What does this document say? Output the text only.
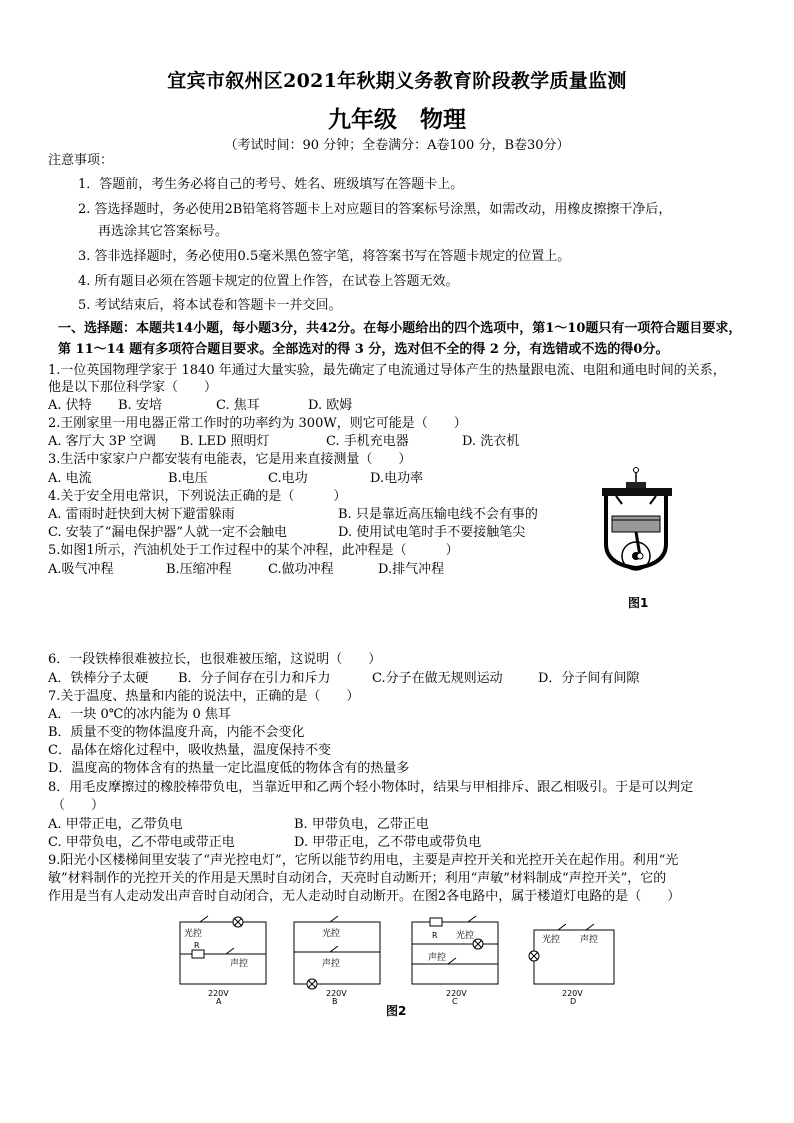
宜宾市叙州区2021年秋期义务教育阶段教学质量监测
九年级　物理
（考试时间：90 分钟；全卷满分：A卷100 分，B卷30分）
注意事项：
1．答题前，考生务必将自己的考号、姓名、班级填写在答题卡上。
2. 答选择题时，务必使用2B铅笔将答题卡上对应题目的答案标号涂黑，如需改动，用橡皮擦擦干净后，
再选涂其它答案标号。
3. 答非选择题时，务必使用0.5毫米黑色签字笔，将答案书写在答题卡规定的位置上。
4. 所有题目必须在答题卡规定的位置上作答，在试卷上答题无效。
5. 考试结束后，将本试卷和答题卡一并交回。
一、选择题：本题共14小题，每小题3分，共42分。在每小题给出的四个选项中，第1～10题只有一项符合题目要求，
第 11～14 题有多项符合题目要求。全部选对的得 3 分，选对但不全的得 2 分，有选错或不选的得0分。
1.一位英国物理学家于 1840 年通过大量实验，最先确定了电流通过导体产生的热量跟电流、电阻和通电时间的关系，
他是以下那位科学家（　　）
A. 伏特 B. 安培	C. 焦耳	D. 欧姆
2.王刚家里一用电器正常工作时的功率约为 300W，则它可能是（　　）
A. 客厅大 3P 空调 B. LED 照明灯	C. 手机充电器	D. 洗衣机
3.生活中家家户户都安装有电能表，它是用来直接测量（　　）
A. 电流	B.电压	C.电功	D.电功率
4.关于安全用电常识，下列说法正确的是（　　　）
A. 雷雨时赶快到大树下避雷躲雨	B. 只是靠近高压输电线不会有事的
C. 安装了“漏电保护器”人就一定不会触电	D. 使用试电笔时手不要接触笔尖
5.如图1所示，汽油机处于工作过程中的某个冲程，此冲程是（　　　）
A.吸气冲程	B.压缩冲程	C.做功冲程	D.排气冲程
图1
6．一段铁棒很难被拉长，也很难被压缩，这说明（　　）
A．铁棒分子太硬 B．分子间存在引力和斥力	C.分子在做无规则运动	D．分子间有间隙
7.关于温度、热量和内能的说法中，正确的是（　　）
A．一块 0℃的冰内能为 0 焦耳
B．质量不变的物体温度升高，内能不会变化
C．晶体在熔化过程中，吸收热量，温度保持不变
D．温度高的物体含有的热量一定比温度低的物体含有的热量多
8．用毛皮摩擦过的橡胶棒带负电，当靠近甲和乙两个轻小物体时，结果与甲相排斥、跟乙相吸引。于是可以判定
（　　）
A. 甲带正电，乙带负电	B. 甲带负电，乙带正电
C. 甲带负电，乙不带电或带正电	D. 甲带正电，乙不带电或带负电
9.阳光小区楼梯间里安装了“声光控电灯”，它所以能节约用电，主要是声控开关和光控开关在起作用。利用“光
敏”材料制作的光控开关的作用是天黑时自动闭合，天亮时自动断开；利用“声敏”材料制成“声控开关”，它的
作用是当有人走动发出声音时自动闭合，无人走动时自动断开。在图2各电路中，属于楼道灯电路的是（　　）
光控
R
声控
220V
A
光控
声控
220V
B
R 光控
声控
220V
C
光控 声控
220V
D
图2
